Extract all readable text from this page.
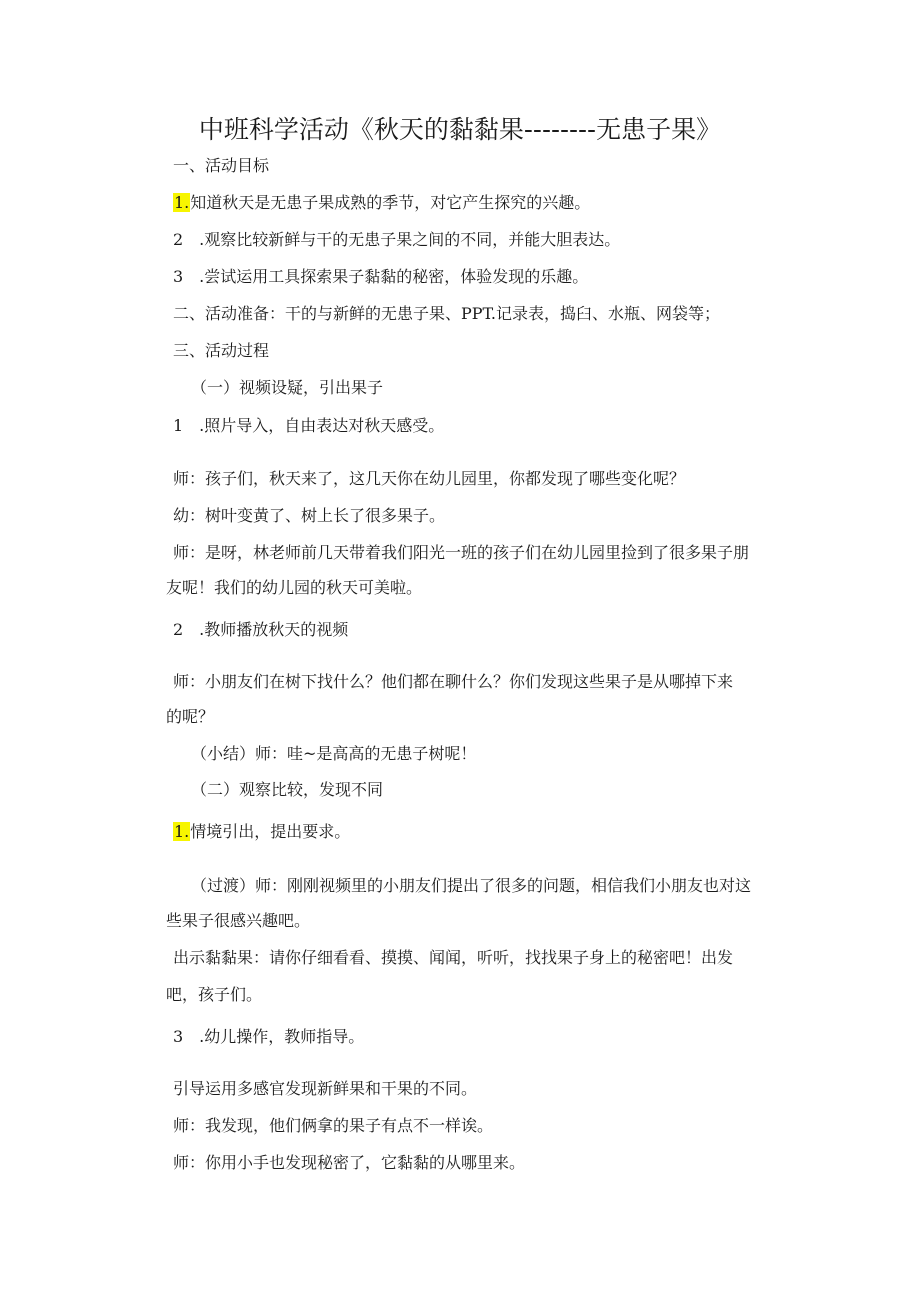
中班科学活动《秋天的黏黏果--------无患子果》
一、活动目标
1.知道秋天是无患子果成熟的季节，对它产生探究的兴趣。
2　.观察比较新鲜与干的无患子果之间的不同，并能大胆表达。
3　.尝试运用工具探索果子黏黏的秘密，体验发现的乐趣。
二、活动准备：干的与新鲜的无患子果、PPT.记录表，捣臼、水瓶、网袋等；
三、活动过程
（一）视频设疑，引出果子
1　.照片导入，自由表达对秋天感受。
师：孩子们，秋天来了，这几天你在幼儿园里，你都发现了哪些变化呢？
幼：树叶变黄了、树上长了很多果子。
师：是呀，林老师前几天带着我们阳光一班的孩子们在幼儿园里捡到了很多果子朋
友呢！我们的幼儿园的秋天可美啦。
2　.教师播放秋天的视频
师：小朋友们在树下找什么？他们都在聊什么？你们发现这些果子是从哪掉下来
的呢？
（小结）师：哇~是高高的无患子树呢！
（二）观察比较，发现不同
1.情境引出，提出要求。
（过渡）师：刚刚视频里的小朋友们提出了很多的问题，相信我们小朋友也对这
些果子很感兴趣吧。
出示黏黏果：请你仔细看看、摸摸、闻闻，听听，找找果子身上的秘密吧！出发
吧，孩子们。
3　.幼儿操作，教师指导。
引导运用多感官发现新鲜果和干果的不同。
师：我发现，他们俩拿的果子有点不一样诶。
师：你用小手也发现秘密了，它黏黏的从哪里来。
